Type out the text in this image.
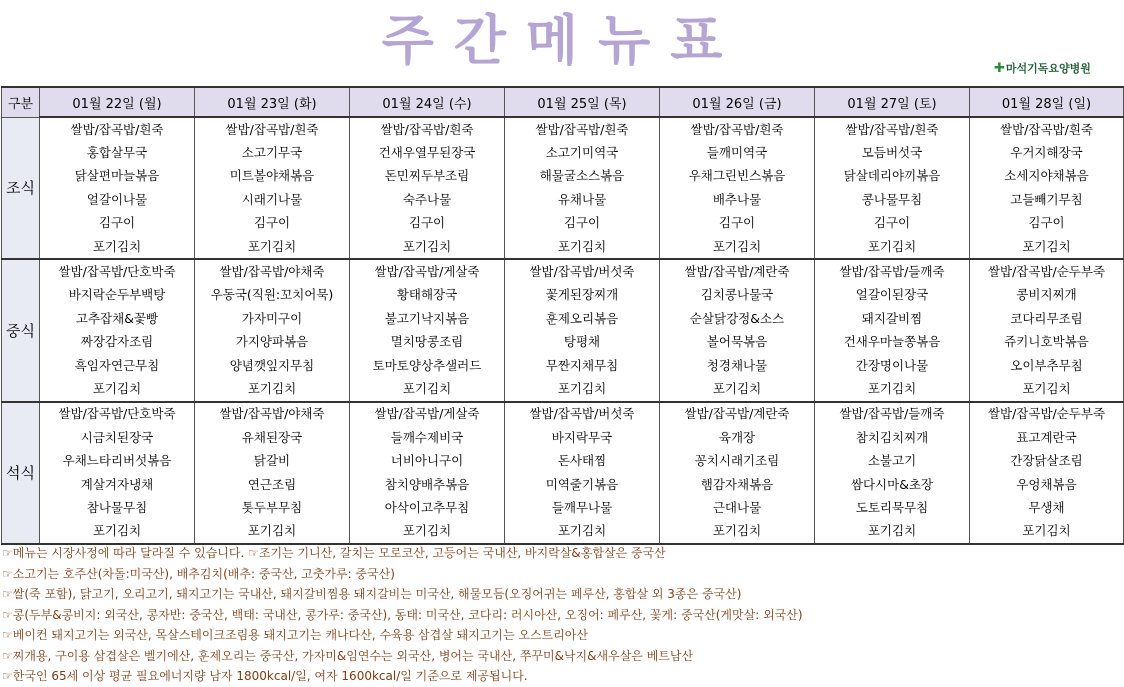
주간메뉴표	✚마석기독요양병원
구분	01월 22일 (월)	01월 23일 (화)	01월 24일 (수)	01월 25일 (목)	01월 26일 (금)	01월 27일 (토)	01월 28일 (일)
조식	쌀밥/잡곡밥/흰죽	쌀밥/잡곡밥/흰죽	쌀밥/잡곡밥/흰죽	쌀밥/잡곡밥/흰죽	쌀밥/잡곡밥/흰죽	쌀밥/잡곡밥/흰죽	쌀밥/잡곡밥/흰죽
	홍합살무국	소고기무국	건새우열무된장국	소고기미역국	들깨미역국	모듬버섯국	우거지해장국
	닭살편마늘볶음	미트볼야채볶음	돈민찌두부조림	해물굴소스볶음	우채그린빈스볶음	닭살데리야끼볶음	소세지야채볶음
	얼갈이나물	시래기나물	숙주나물	유채나물	배추나물	콩나물무침	고들빼기무침
	김구이	김구이	김구이	김구이	김구이	김구이	김구이
	포기김치	포기김치	포기김치	포기김치	포기김치	포기김치	포기김치
중식	쌀밥/잡곡밥/단호박죽	쌀밥/잡곡밥/야채죽	쌀밥/잡곡밥/게살죽	쌀밥/잡곡밥/버섯죽	쌀밥/잡곡밥/계란죽	쌀밥/잡곡밥/들깨죽	쌀밥/잡곡밥/순두부죽
	바지락순두부백탕	우동국(직원:꼬치어묵)	황태해장국	꽃게된장찌개	김치콩나물국	얼갈이된장국	콩비지찌개
	고추잡채&꽃빵	가자미구이	불고기낙지볶음	훈제오리볶음	순살닭강정&소스	돼지갈비찜	코다리무조림
	짜장감자조림	가지양파볶음	멸치땅콩조림	탕평채	볼어묵볶음	건새우마늘쫑볶음	쥬키니호박볶음
	흑임자연근무침	양념깻잎지무침	토마토양상추샐러드	무짠지채무침	청경채나물	간장명이나물	오이부추무침
	포기김치	포기김치	포기김치	포기김치	포기김치	포기김치	포기김치
석식	쌀밥/잡곡밥/단호박죽	쌀밥/잡곡밥/야채죽	쌀밥/잡곡밥/게살죽	쌀밥/잡곡밥/버섯죽	쌀밥/잡곡밥/계란죽	쌀밥/잡곡밥/들깨죽	쌀밥/잡곡밥/순두부죽
	시금치된장국	유채된장국	들깨수제비국	바지락무국	육개장	참치김치찌개	표고계란국
	우채느타리버섯볶음	닭갈비	너비아니구이	돈사태찜	꽁치시래기조림	소불고기	간장닭살조림
	계살겨자냉채	연근조림	참치양배추볶음	미역줄기볶음	햄감자채볶음	쌈다시마&초장	우엉채볶음
	참나물무침	톳두부무침	아삭이고추무침	들깨무나물	근대나물	도토리묵무침	무생채
	포기김치	포기김치	포기김치	포기김치	포기김치	포기김치	포기김치
☞메뉴는 시장사정에 따라 달라질 수 있습니다. ☞조기는 기니산, 갈치는 모로코산, 고등어는 국내산, 바지락살&홍합살은 중국산
☞소고기는 호주산(차돌:미국산), 배추김치(배추: 중국산, 고춧가루: 중국산)
☞쌀(죽 포함), 닭고기, 오리고기, 돼지고기는 국내산, 돼지갈비찜용 돼지갈비는 미국산, 해물모듬(오징어귀는 페루산, 홍합살 외 3종은 중국산)
☞콩(두부&콩비지: 외국산, 콩자반: 중국산, 백태: 국내산, 콩가루: 중국산), 동태: 미국산, 코다리: 러시아산, 오징어: 페루산, 꽃게: 중국산(게맛살: 외국산)
☞베이컨 돼지고기는 외국산, 목살스테이크조림용 돼지고기는 캐나다산, 수육용 삼겹살 돼지고기는 오스트리아산
☞찌개용, 구이용 삼겹살은 벨기에산, 훈제오리는 중국산, 가자미&임연수는 외국산, 병어는 국내산, 쭈꾸미&낙지&새우살은 베트남산
☞한국인 65세 이상 평균 필요에너지량 남자 1800kcal/일, 여자 1600kcal/일 기준으로 제공됩니다.
